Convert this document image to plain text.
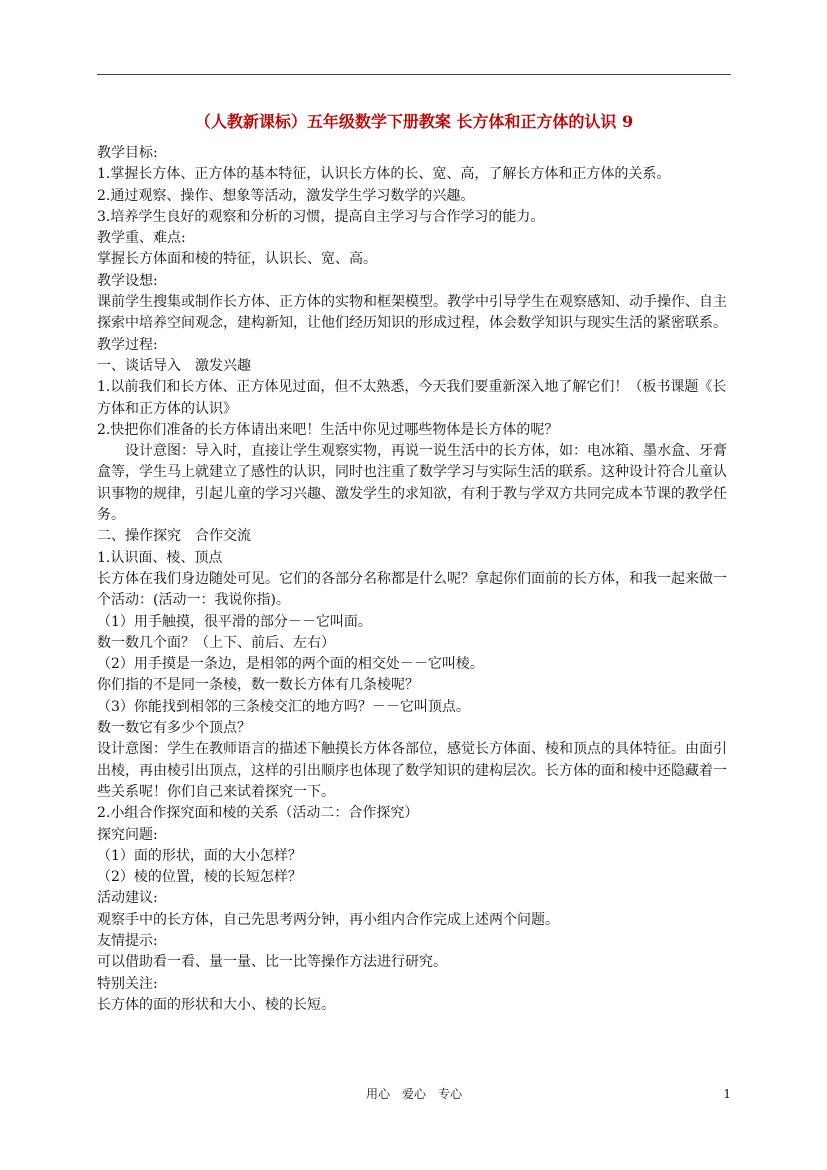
（人教新课标）五年级数学下册教案 长方体和正方体的认识 9

教学目标:

1.掌握长方体、正方体的基本特征，认识长方体的长、宽、高，了解长方体和正方体的关系。

2.通过观察、操作、想象等活动，激发学生学习数学的兴趣。

3.培养学生良好的观察和分析的习惯，提高自主学习与合作学习的能力。

教学重、难点:

掌握长方体面和棱的特征，认识长、宽、高。

教学设想:

课前学生搜集或制作长方体、正方体的实物和框架模型。教学中引导学生在观察感知、动手操作、自主探索中培养空间观念，建构新知，让他们经历知识的形成过程，体会数学知识与现实生活的紧密联系。

教学过程:

一、谈话导入　激发兴趣

1.以前我们和长方体、正方体见过面，但不太熟悉，今天我们要重新深入地了解它们！（板书课题《长方体和正方体的认识》

2.快把你们准备的长方体请出来吧！生活中你见过哪些物体是长方体的呢？

设计意图：导入时，直接让学生观察实物，再说一说生活中的长方体，如：电冰箱、墨水盒、牙膏盒等，学生马上就建立了感性的认识，同时也注重了数学学习与实际生活的联系。这种设计符合儿童认识事物的规律，引起儿童的学习兴趣、激发学生的求知欲，有利于教与学双方共同完成本节课的教学任务。

二、操作探究　合作交流

1.认识面、棱、顶点

长方体在我们身边随处可见。它们的各部分名称都是什么呢？拿起你们面前的长方体，和我一起来做一个活动：(活动一：我说你指)。

（1）用手触摸，很平滑的部分－－它叫面。

数一数几个面？（上下、前后、左右）

（2）用手摸是一条边，是相邻的两个面的相交处－－它叫棱。

你们指的不是同一条棱，数一数长方体有几条棱呢？

（3）你能找到相邻的三条棱交汇的地方吗？－－它叫顶点。

数一数它有多少个顶点？

设计意图：学生在教师语言的描述下触摸长方体各部位，感觉长方体面、棱和顶点的具体特征。由面引出棱，再由棱引出顶点，这样的引出顺序也体现了数学知识的建构层次。长方体的面和棱中还隐藏着一些关系呢！你们自己来试着探究一下。

2.小组合作探究面和棱的关系（活动二：合作探究）

探究问题:

（1）面的形状，面的大小怎样？

（2）棱的位置，棱的长短怎样？

活动建议:

观察手中的长方体，自己先思考两分钟，再小组内合作完成上述两个问题。

友情提示:

可以借助看一看、量一量、比一比等操作方法进行研究。

特别关注:

长方体的面的形状和大小、棱的长短。

用心　爱心　专心	1
